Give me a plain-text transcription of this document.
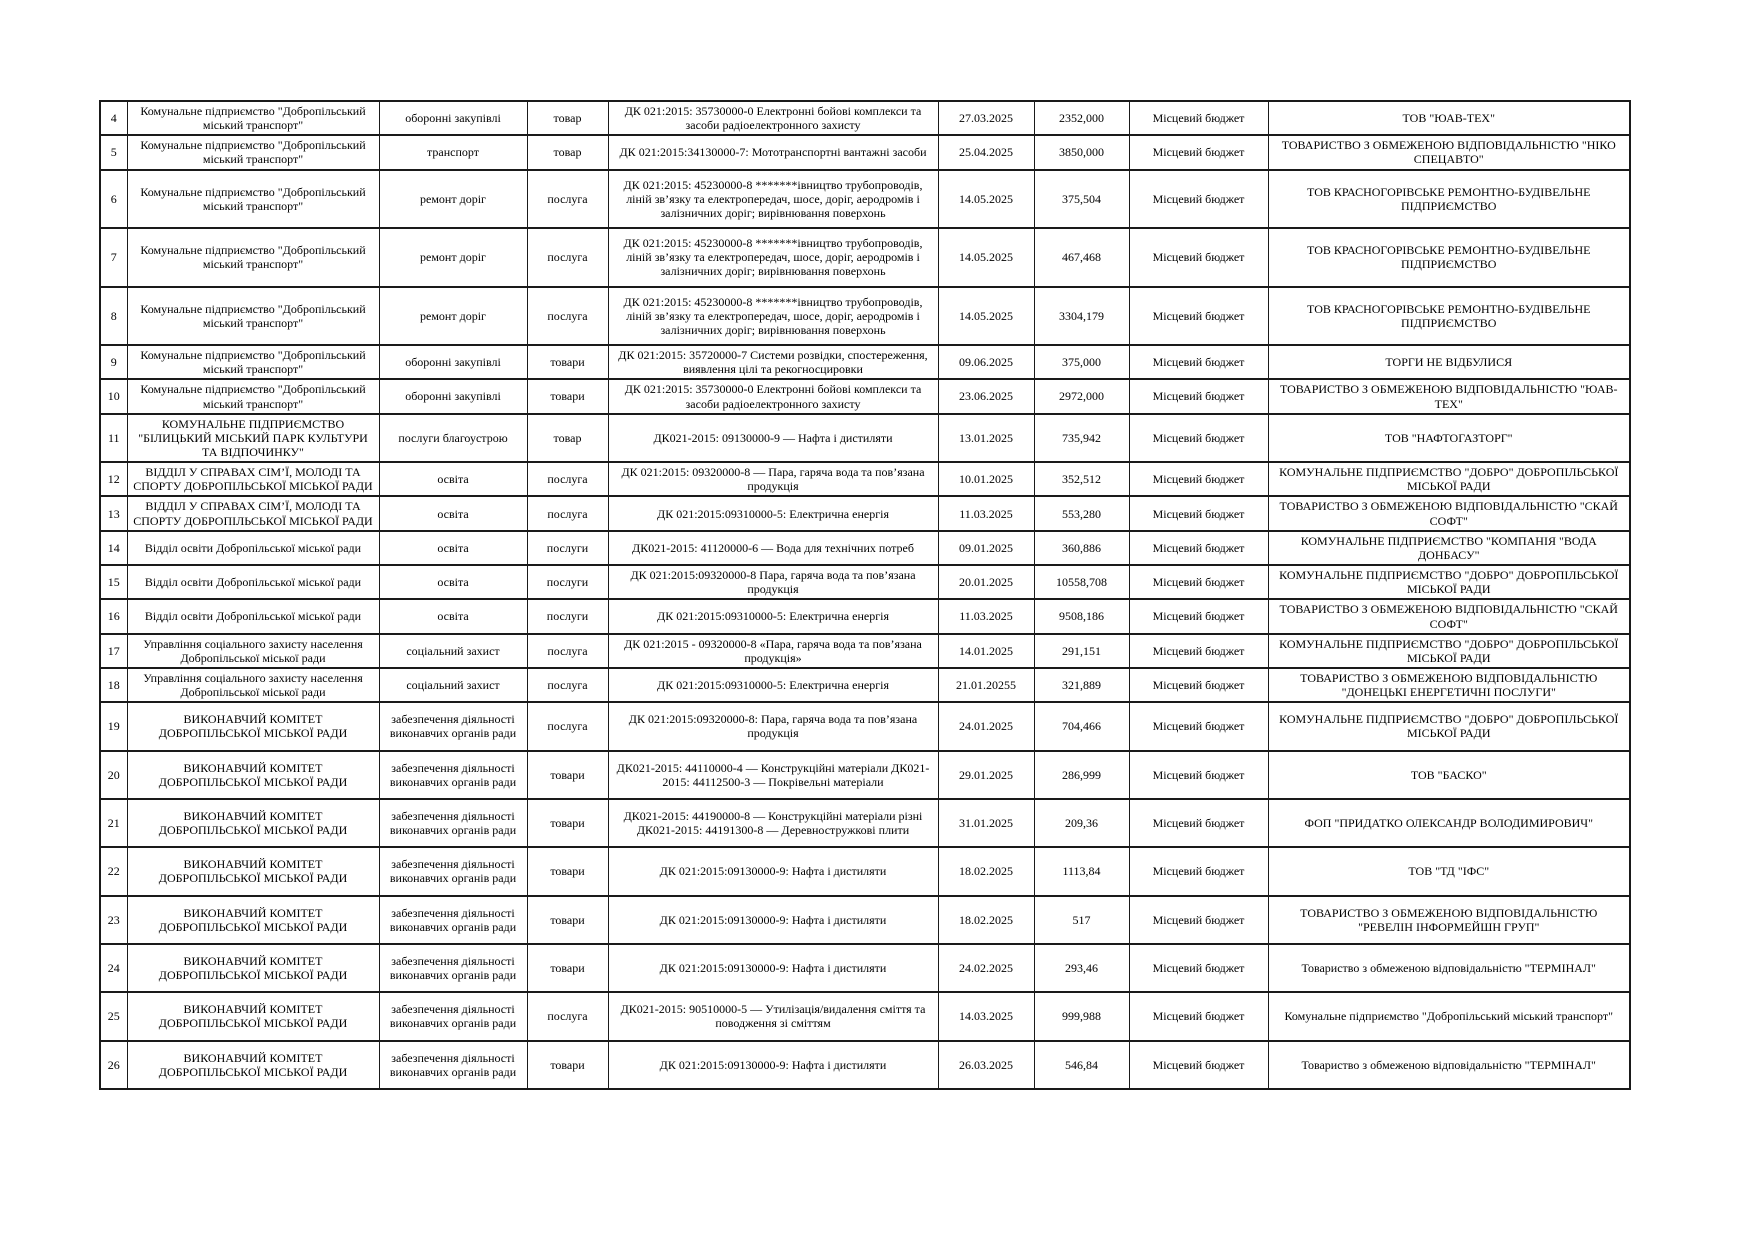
4	Комунальне підприємство "Добропільський міський транспорт"	оборонні закупівлі	товар	ДК 021:2015: 35730000-0 Електронні бойові комплекси та засоби радіоелектронного захисту	27.03.2025	2352,000	Місцевий бюджет	ТОВ "ЮАВ-ТЕХ"
5	Комунальне підприємство "Добропільський міський транспорт"	транспорт	товар	ДК 021:2015:34130000-7: Мототранспортні вантажні засоби	25.04.2025	3850,000	Місцевий бюджет	ТОВАРИСТВО З ОБМЕЖЕНОЮ ВІДПОВІДАЛЬНІСТЮ "НІКО СПЕЦАВТО"
6	Комунальне підприємство "Добропільський міський транспорт"	ремонт доріг	послуга	ДК 021:2015: 45230000-8 *******івництво трубопроводів, ліній зв’язку та електропередач, шосе, доріг, аеродромів і залізничних доріг; вирівнювання поверхонь	14.05.2025	375,504	Місцевий бюджет	ТОВ КРАСНОГОРІВСЬКЕ РЕМОНТНО-БУДІВЕЛЬНЕ ПІДПРИЄМСТВО
7	Комунальне підприємство "Добропільський міський транспорт"	ремонт доріг	послуга	ДК 021:2015: 45230000-8 *******івництво трубопроводів, ліній зв’язку та електропередач, шосе, доріг, аеродромів і залізничних доріг; вирівнювання поверхонь	14.05.2025	467,468	Місцевий бюджет	ТОВ КРАСНОГОРІВСЬКЕ РЕМОНТНО-БУДІВЕЛЬНЕ ПІДПРИЄМСТВО
8	Комунальне підприємство "Добропільський міський транспорт"	ремонт доріг	послуга	ДК 021:2015: 45230000-8 *******івництво трубопроводів, ліній зв’язку та електропередач, шосе, доріг, аеродромів і залізничних доріг; вирівнювання поверхонь	14.05.2025	3304,179	Місцевий бюджет	ТОВ КРАСНОГОРІВСЬКЕ РЕМОНТНО-БУДІВЕЛЬНЕ ПІДПРИЄМСТВО
9	Комунальне підприємство "Добропільський міський транспорт"	оборонні закупівлі	товари	ДК 021:2015: 35720000-7 Системи розвідки, спостереження, виявлення цілі та рекогносцировки	09.06.2025	375,000	Місцевий бюджет	ТОРГИ НЕ ВІДБУЛИСЯ
10	Комунальне підприємство "Добропільський міський транспорт"	оборонні закупівлі	товари	ДК 021:2015: 35730000-0 Електронні бойові комплекси та засоби радіоелектронного захисту	23.06.2025	2972,000	Місцевий бюджет	ТОВАРИСТВО З ОБМЕЖЕНОЮ ВІДПОВІДАЛЬНІСТЮ "ЮАВ-ТЕХ"
11	КОМУНАЛЬНЕ ПІДПРИЄМСТВО "БІЛИЦЬКИЙ МІСЬКИЙ ПАРК КУЛЬТУРИ ТА ВІДПОЧИНКУ"	послуги благоустрою	товар	ДК021-2015: 09130000-9 — Нафта і дистиляти	13.01.2025	735,942	Місцевий бюджет	ТОВ "НАФТОГАЗТОРГ"
12	ВІДДІЛ У СПРАВАХ СІМ’Ї, МОЛОДІ ТА СПОРТУ ДОБРОПІЛЬСЬКОЇ МІСЬКОЇ РАДИ	освіта	послуга	ДК 021:2015: 09320000-8 — Пара, гаряча вода та пов’язана продукція	10.01.2025	352,512	Місцевий бюджет	КОМУНАЛЬНЕ ПІДПРИЄМСТВО "ДОБРО" ДОБРОПІЛЬСЬКОЇ МІСЬКОЇ РАДИ
13	ВІДДІЛ У СПРАВАХ СІМ’Ї, МОЛОДІ ТА СПОРТУ ДОБРОПІЛЬСЬКОЇ МІСЬКОЇ РАДИ	освіта	послуга	ДК 021:2015:09310000-5: Електрична енергія	11.03.2025	553,280	Місцевий бюджет	ТОВАРИСТВО З ОБМЕЖЕНОЮ ВІДПОВІДАЛЬНІСТЮ "СКАЙ СОФТ"
14	Відділ освіти Добропільської міської ради	освіта	послуги	ДК021-2015: 41120000-6 — Вода для технічних потреб	09.01.2025	360,886	Місцевий бюджет	КОМУНАЛЬНЕ ПІДПРИЄМСТВО "КОМПАНІЯ "ВОДА ДОНБАСУ"
15	Відділ освіти Добропільської міської ради	освіта	послуги	ДК 021:2015:09320000-8 Пара, гаряча вода та пов’язана продукція	20.01.2025	10558,708	Місцевий бюджет	КОМУНАЛЬНЕ ПІДПРИЄМСТВО "ДОБРО" ДОБРОПІЛЬСЬКОЇ МІСЬКОЇ РАДИ
16	Відділ освіти Добропільської міської ради	освіта	послуги	ДК 021:2015:09310000-5: Електрична енергія	11.03.2025	9508,186	Місцевий бюджет	ТОВАРИСТВО З ОБМЕЖЕНОЮ ВІДПОВІДАЛЬНІСТЮ "СКАЙ СОФТ"
17	Управління соціального захисту населення Добропільської міської ради	соціальний захист	послуга	ДК 021:2015 - 09320000-8 «Пара, гаряча вода та пов’язана продукція»	14.01.2025	291,151	Місцевий бюджет	КОМУНАЛЬНЕ ПІДПРИЄМСТВО "ДОБРО" ДОБРОПІЛЬСЬКОЇ МІСЬКОЇ РАДИ
18	Управління соціального захисту населення Добропільської міської ради	соціальний захист	послуга	ДК 021:2015:09310000-5: Електрична енергія	21.01.20255	321,889	Місцевий бюджет	ТОВАРИСТВО З ОБМЕЖЕНОЮ ВІДПОВІДАЛЬНІСТЮ "ДОНЕЦЬКІ ЕНЕРГЕТИЧНІ ПОСЛУГИ"
19	ВИКОНАВЧИЙ КОМІТЕТ ДОБРОПІЛЬСЬКОЇ МІСЬКОЇ РАДИ	забезпечення діяльності виконавчих органів ради	послуга	ДК 021:2015:09320000-8: Пара, гаряча вода та пов’язана продукція	24.01.2025	704,466	Місцевий бюджет	КОМУНАЛЬНЕ ПІДПРИЄМСТВО "ДОБРО" ДОБРОПІЛЬСЬКОЇ МІСЬКОЇ РАДИ
20	ВИКОНАВЧИЙ КОМІТЕТ ДОБРОПІЛЬСЬКОЇ МІСЬКОЇ РАДИ	забезпечення діяльності виконавчих органів ради	товари	ДК021-2015: 44110000-4 — Конструкційні матеріали ДК021-2015: 44112500-3 — Покрівельні матеріали	29.01.2025	286,999	Місцевий бюджет	ТОВ "БАСКО"
21	ВИКОНАВЧИЙ КОМІТЕТ ДОБРОПІЛЬСЬКОЇ МІСЬКОЇ РАДИ	забезпечення діяльності виконавчих органів ради	товари	ДК021-2015: 44190000-8 — Конструкційні матеріали різні ДК021-2015: 44191300-8 — Деревностружкові плити	31.01.2025	209,36	Місцевий бюджет	ФОП "ПРИДАТКО ОЛЕКСАНДР ВОЛОДИМИРОВИЧ"
22	ВИКОНАВЧИЙ КОМІТЕТ ДОБРОПІЛЬСЬКОЇ МІСЬКОЇ РАДИ	забезпечення діяльності виконавчих органів ради	товари	ДК 021:2015:09130000-9: Нафта і дистиляти	18.02.2025	1113,84	Місцевий бюджет	ТОВ "ТД "ІФС"
23	ВИКОНАВЧИЙ КОМІТЕТ ДОБРОПІЛЬСЬКОЇ МІСЬКОЇ РАДИ	забезпечення діяльності виконавчих органів ради	товари	ДК 021:2015:09130000-9: Нафта і дистиляти	18.02.2025	517	Місцевий бюджет	ТОВАРИСТВО З ОБМЕЖЕНОЮ ВІДПОВІДАЛЬНІСТЮ "РЕВЕЛІН ІНФОРМЕЙШН ГРУП"
24	ВИКОНАВЧИЙ КОМІТЕТ ДОБРОПІЛЬСЬКОЇ МІСЬКОЇ РАДИ	забезпечення діяльності виконавчих органів ради	товари	ДК 021:2015:09130000-9: Нафта і дистиляти	24.02.2025	293,46	Місцевий бюджет	Товариство з обмеженою відповідальністю "ТЕРМІНАЛ"
25	ВИКОНАВЧИЙ КОМІТЕТ ДОБРОПІЛЬСЬКОЇ МІСЬКОЇ РАДИ	забезпечення діяльності виконавчих органів ради	послуга	ДК021-2015: 90510000-5 — Утилізація/видалення сміття та поводження зі сміттям	14.03.2025	999,988	Місцевий бюджет	Комунальне підприємство "Добропільський міський транспорт"
26	ВИКОНАВЧИЙ КОМІТЕТ ДОБРОПІЛЬСЬКОЇ МІСЬКОЇ РАДИ	забезпечення діяльності виконавчих органів ради	товари	ДК 021:2015:09130000-9: Нафта і дистиляти	26.03.2025	546,84	Місцевий бюджет	Товариство з обмеженою відповідальністю "ТЕРМІНАЛ"
